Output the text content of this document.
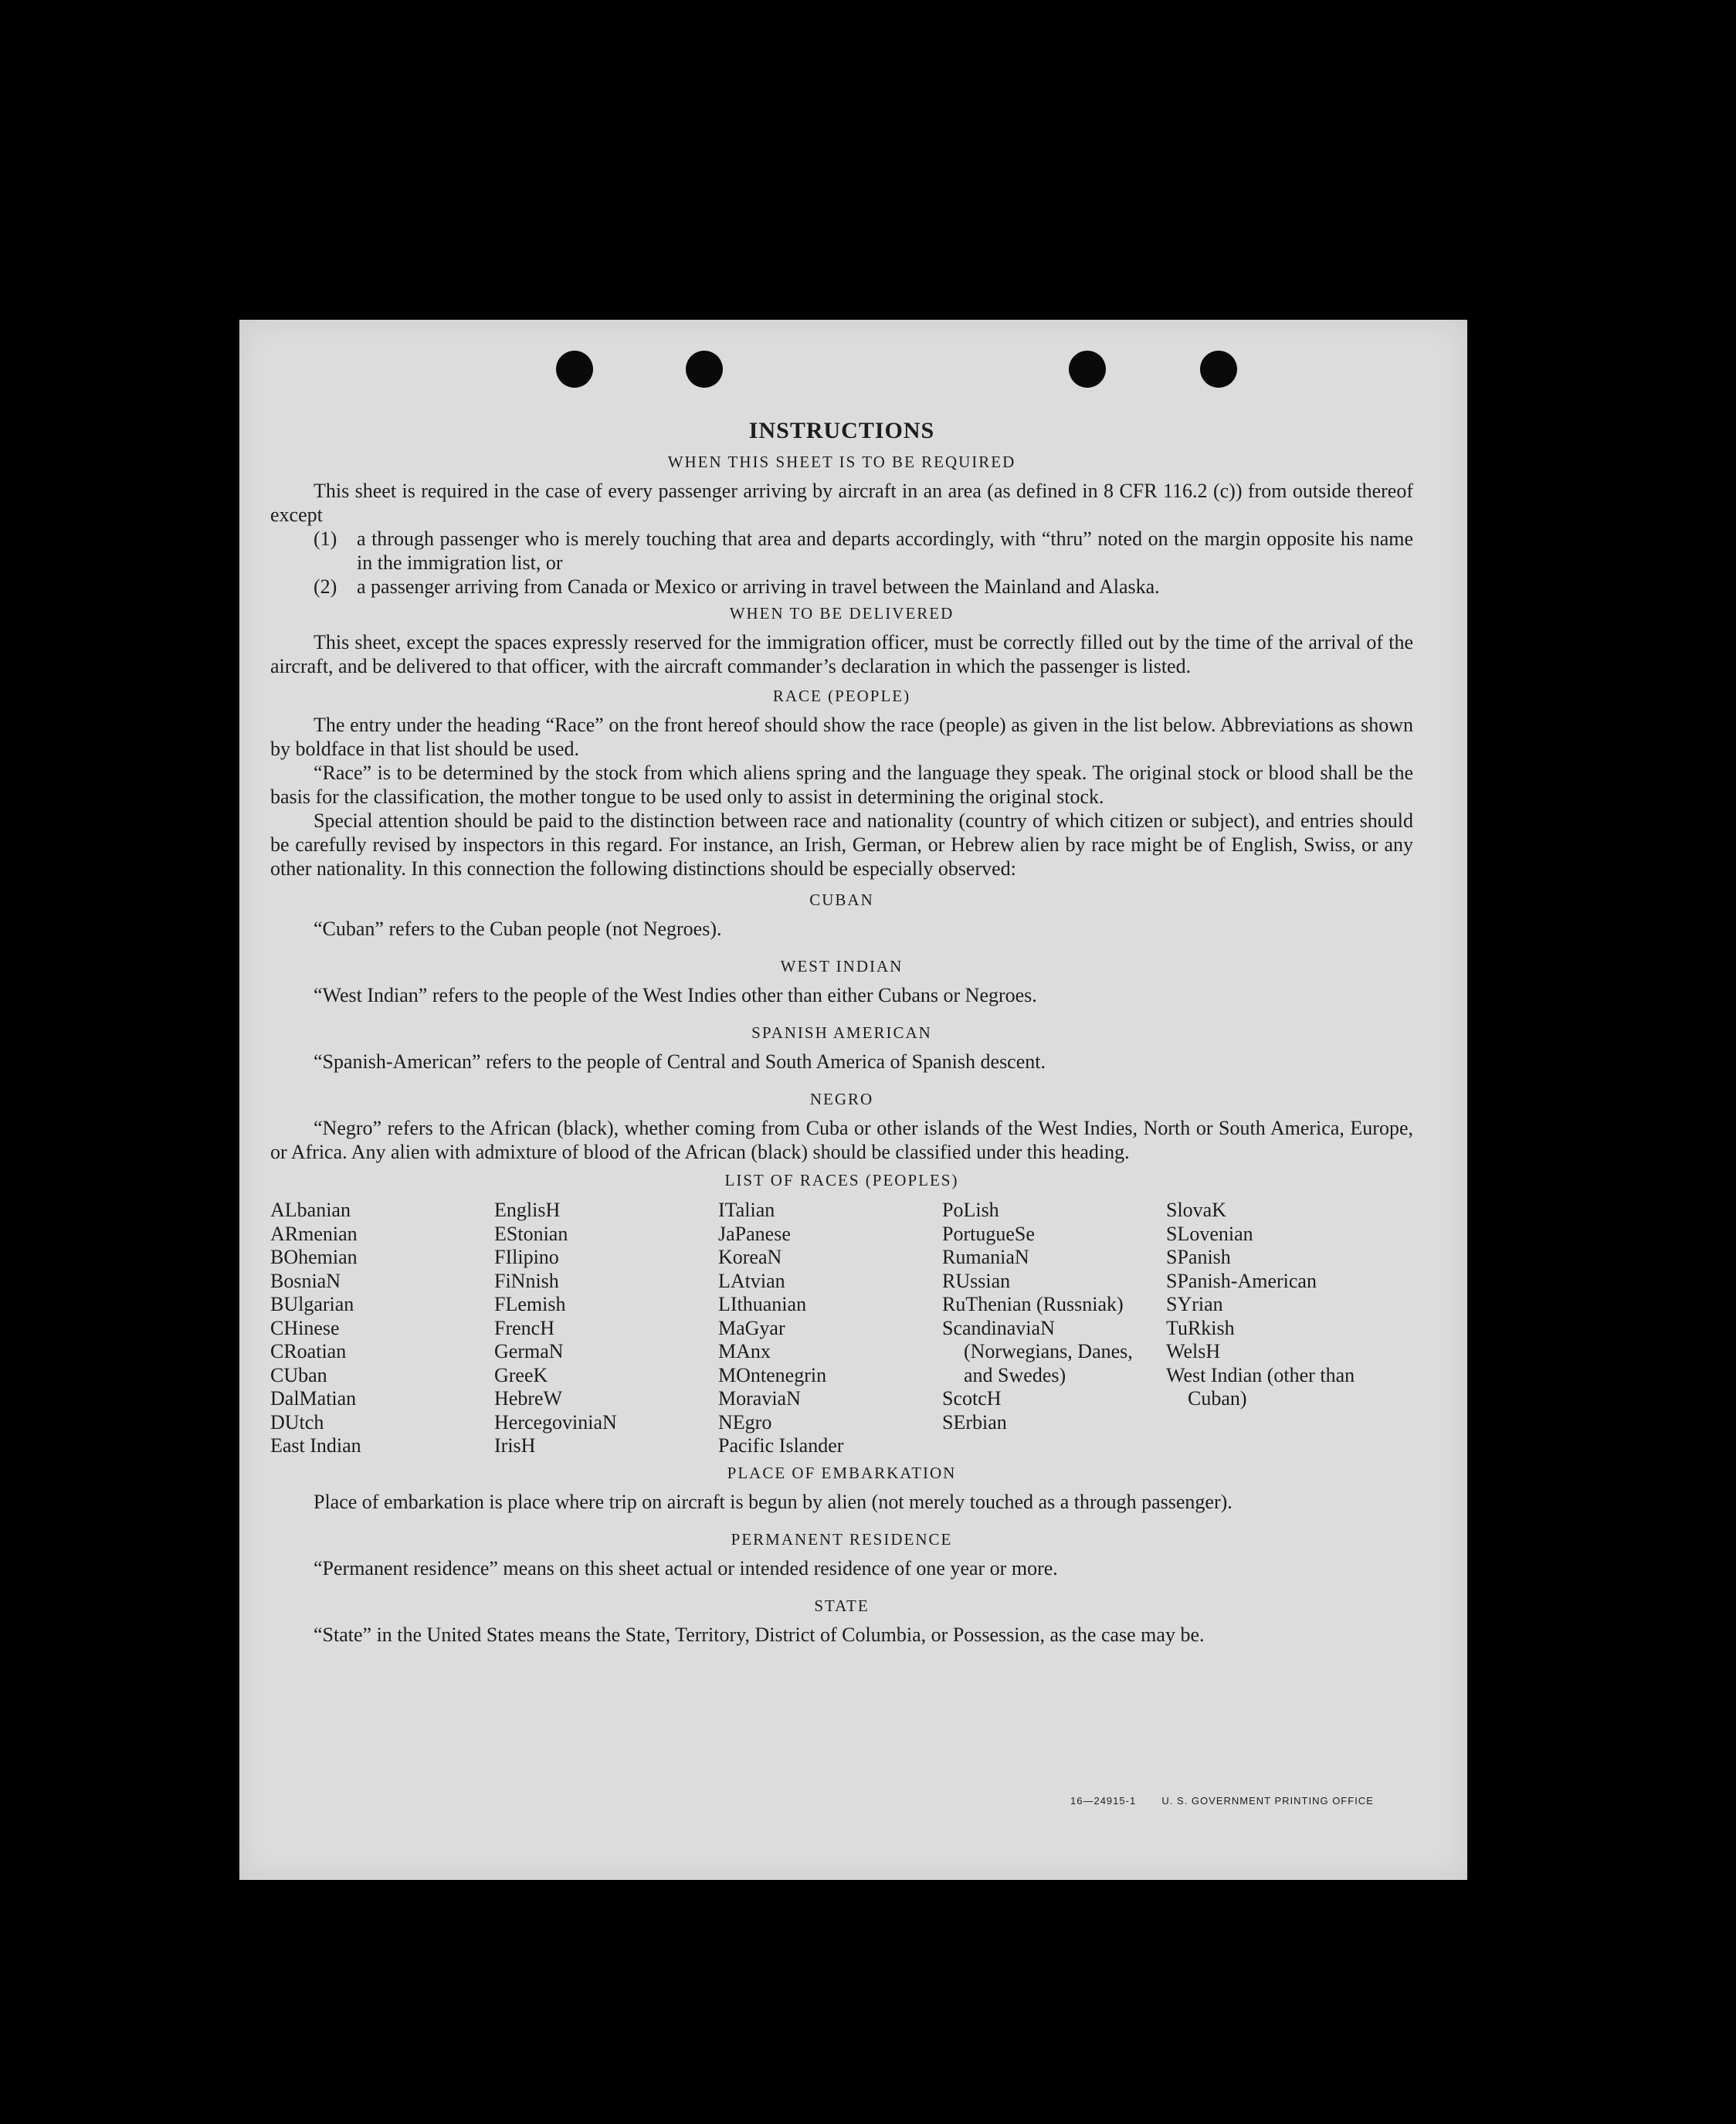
INSTRUCTIONS
WHEN THIS SHEET IS TO BE REQUIRED

This sheet is required in the case of every passenger arriving by aircraft in an area (as defined in 8 CFR 116.2 (c)) from outside thereof except

(1) a through passenger who is merely touching that area and departs accordingly, with “thru” noted on the margin opposite his name in the immigration list, or

(2) a passenger arriving from Canada or Mexico or arriving in travel between the Mainland and Alaska.

WHEN TO BE DELIVERED

This sheet, except the spaces expressly reserved for the immigration officer, must be correctly filled out by the time of the arrival of the aircraft, and be delivered to that officer, with the aircraft commander’s declaration in which the passenger is listed.

RACE (PEOPLE)

The entry under the heading “Race” on the front hereof should show the race (people) as given in the list below. Abbreviations as shown by boldface in that list should be used.

“Race” is to be determined by the stock from which aliens spring and the language they speak. The original stock or blood shall be the basis for the classification, the mother tongue to be used only to assist in determining the original stock.

Special attention should be paid to the distinction between race and nationality (country of which citizen or subject), and entries should be carefully revised by inspectors in this regard. For instance, an Irish, German, or Hebrew alien by race might be of English, Swiss, or any other nationality. In this connection the following distinctions should be especially observed:

CUBAN

“Cuban” refers to the Cuban people (not Negroes).

WEST INDIAN

“West Indian” refers to the people of the West Indies other than either Cubans or Negroes.

SPANISH AMERICAN

“Spanish-American” refers to the people of Central and South America of Spanish descent.

NEGRO

“Negro” refers to the African (black), whether coming from Cuba or other islands of the West Indies, North or South America, Europe, or Africa. Any alien with admixture of blood of the African (black) should be classified under this heading.

LIST OF RACES (PEOPLES)
ALbanian
ARmenian
BOhemian
BosniaN
BUlgarian
CHinese
CRoatian
CUban
DalMatian
DUtch
East Indian
EnglisH
EStonian
FIlipino
FiNnish
FLemish
FrencH
GermaN
GreeK
HebreW
HercegoviniaN
IrisH
ITalian
JaPanese
KoreaN
LAtvian
LIthuanian
MaGyar
MAnx
MOntenegrin
MoraviaN
NEgro
Pacific Islander
PoLish
PortugueSe
RumaniaN
RUssian
RuThenian (Russniak)
ScandinaviaN (Norwegians, Danes, and Swedes)
ScotcH
SErbian
SlovaK
SLovenian
SPanish
SPanish-American
SYrian
TuRkish
WelsH
West Indian (other than Cuban)
PLACE OF EMBARKATION

Place of embarkation is place where trip on aircraft is begun by alien (not merely touched as a through passenger).

PERMANENT RESIDENCE

“Permanent residence” means on this sheet actual or intended residence of one year or more.

STATE

“State” in the United States means the State, Territory, District of Columbia, or Possession, as the case may be.

16—24915-1	U. S. GOVERNMENT PRINTING OFFICE
